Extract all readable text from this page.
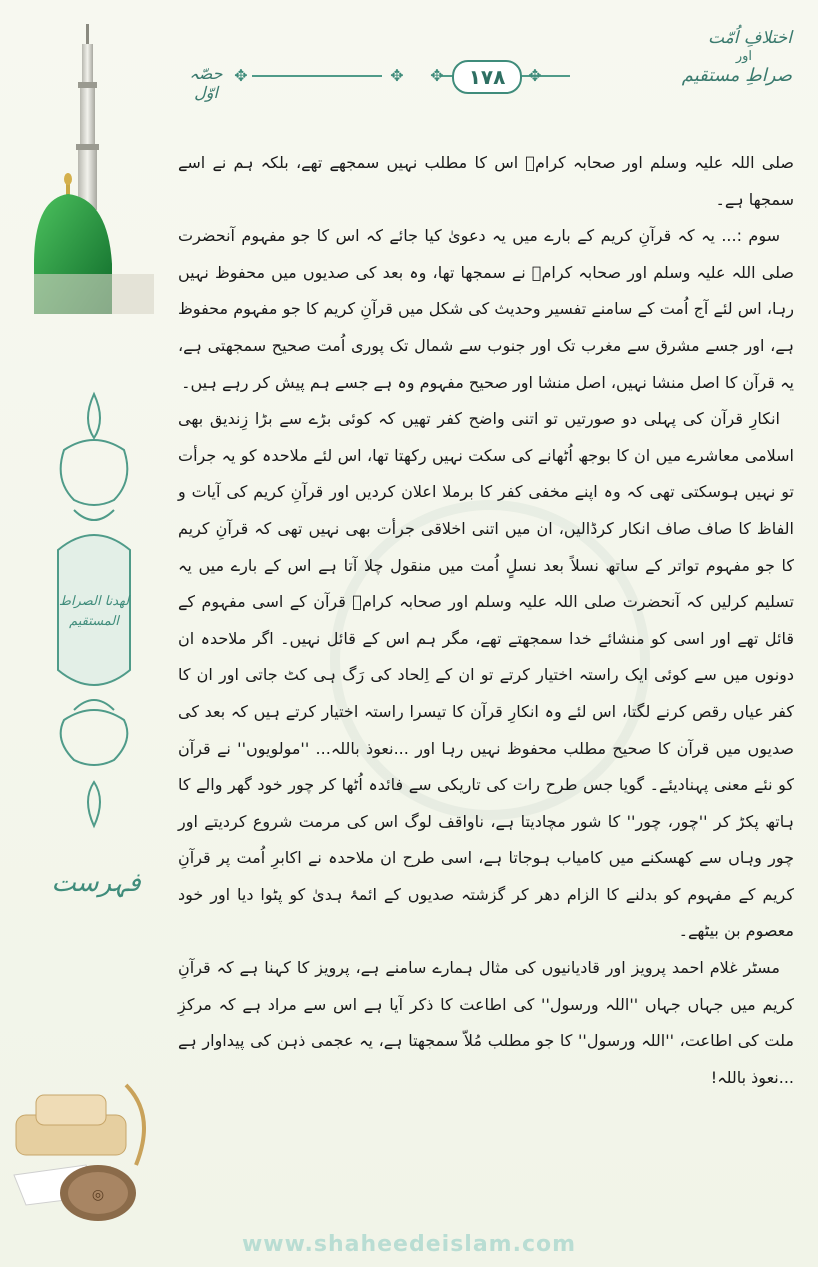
اختلافِ اُمّت
اور
صراطِ مستقیم
✥	✥ ✥	✥
١٧٨
حصّہ اوّل
لهدنا الصراط المستقيم
فہرست
◎
www.shaheedeislam.com

صلی اللہ علیہ وسلم اور صحابہ کرامؓ اس کا مطلب نہیں سمجھے تھے، بلکہ ہم نے اسے سمجھا ہے۔

سوم :... یہ کہ قرآنِ کریم کے بارے میں یہ دعویٰ کیا جائے کہ اس کا جو مفہوم آنحضرت صلی اللہ علیہ وسلم اور صحابہ کرامؓ نے سمجھا تھا، وہ بعد کی صدیوں میں محفوظ نہیں رہا، اس لئے آج اُمت کے سامنے تفسیر وحدیث کی شکل میں قرآنِ کریم کا جو مفہوم محفوظ ہے، اور جسے مشرق سے مغرب تک اور جنوب سے شمال تک پوری اُمت صحیح سمجھتی ہے، یہ قرآن کا اصل منشا نہیں، اصل منشا اور صحیح مفہوم وہ ہے جسے ہم پیش کر رہے ہیں۔

انکارِ قرآن کی پہلی دو صورتیں تو اتنی واضح کفر تھیں کہ کوئی بڑے سے بڑا زِندیق بھی اسلامی معاشرے میں ان کا بوجھ اُٹھانے کی سکت نہیں رکھتا تھا، اس لئے ملاحدہ کو یہ جرأت تو نہیں ہوسکتی تھی کہ وہ اپنے مخفی کفر کا برملا اعلان کردیں اور قرآنِ کریم کی آیات و الفاظ کا صاف صاف انکار کرڈالیں، ان میں اتنی اخلاقی جرأت بھی نہیں تھی کہ قرآنِ کریم کا جو مفہوم تواتر کے ساتھ نسلاً بعد نسلٍ اُمت میں منقول چلا آتا ہے اس کے بارے میں یہ تسلیم کرلیں کہ آنحضرت صلی اللہ علیہ وسلم اور صحابہ کرامؓ قرآن کے اسی مفہوم کے قائل تھے اور اسی کو منشائے خدا سمجھتے تھے، مگر ہم اس کے قائل نہیں۔ اگر ملاحدہ ان دونوں میں سے کوئی ایک راستہ اختیار کرتے تو ان کے اِلحاد کی رَگ ہی کٹ جاتی اور ان کا کفر عیاں رقص کرنے لگتا، اس لئے وہ انکارِ قرآن کا تیسرا راستہ اختیار کرتے ہیں کہ بعد کی صدیوں میں قرآن کا صحیح مطلب محفوظ نہیں رہا اور ...نعوذ باللہ... ''مولویوں'' نے قرآن کو نئے معنی پہنادیئے۔ گویا جس طرح رات کی تاریکی سے فائدہ اُٹھا کر چور خود گھر والے کا ہاتھ پکڑ کر ''چور، چور'' کا شور مچادیتا ہے، ناواقف لوگ اس کی مرمت شروع کردیتے اور چور وہاں سے کھسکنے میں کامیاب ہوجاتا ہے، اسی طرح ان ملاحدہ نے اکابرِ اُمت پر قرآنِ کریم کے مفہوم کو بدلنے کا الزام دھر کر گزشتہ صدیوں کے ائمۂ ہدیٰ کو پٹوا دیا اور خود معصوم بن بیٹھے۔

مسٹر غلام احمد پرویز اور قادیانیوں کی مثال ہمارے سامنے ہے، پرویز کا کہنا ہے کہ قرآنِ کریم میں جہاں جہاں ''اللہ ورسول'' کی اطاعت کا ذکر آیا ہے اس سے مراد ہے کہ مرکزِ ملت کی اطاعت، ''اللہ ورسول'' کا جو مطلب مُلاّ سمجھتا ہے، یہ عجمی ذہن کی پیداوار ہے ...نعوذ باللہ!
